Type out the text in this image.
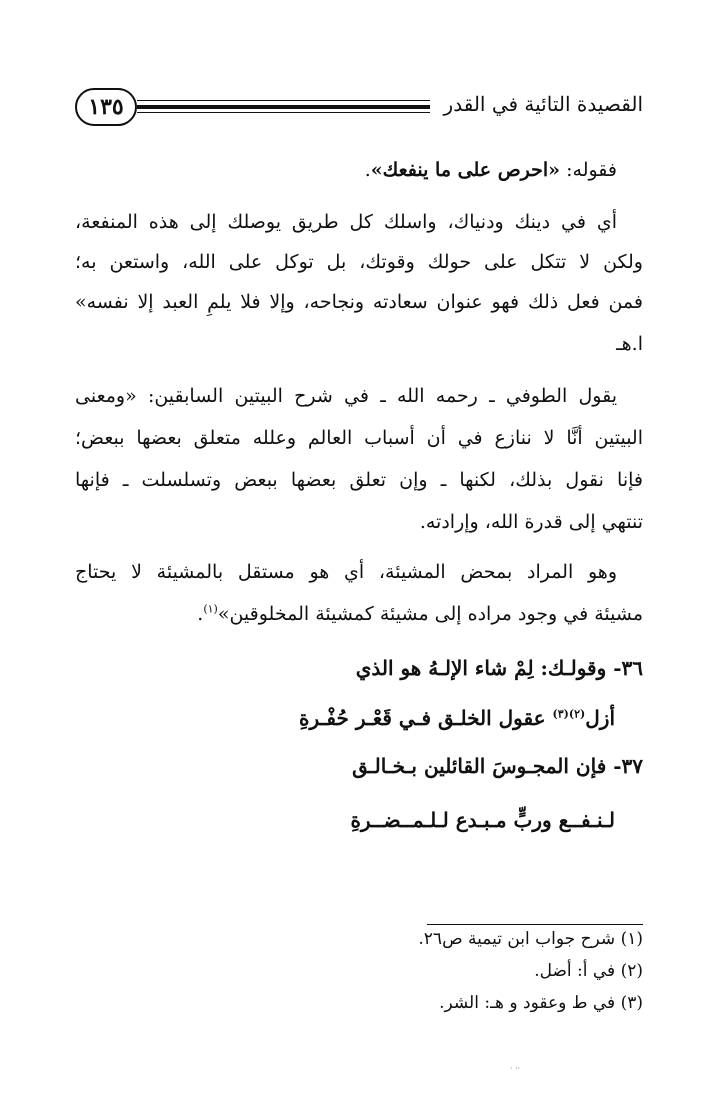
١٣٥	القصيدة التائية في القدر
فقوله: «احرص على ما ينفعك».
أي في دينك ودنياك، واسلك كل طريق يوصلك إلى هذه المنفعة،
ولكن لا تتكل على حولك وقوتك، بل توكل على الله، واستعن به؛
فمن فعل ذلك فهو عنوان سعادته ونجاحه، وإلا فلا يلمِ العبد إلا نفسه»
ا.هـ
يقول الطوفي ـ رحمه الله ـ في شرح البيتين السابقين: «ومعنى
البيتين أنَّا لا ننازع في أن أسباب العالم وعلله متعلق بعضها ببعض؛
فإنا نقول بذلك، لكنها ـ وإن تعلق بعضها ببعض وتسلسلت ـ فإنها
تنتهي إلى قدرة الله، وإرادته.
وهو المراد بمحض المشيئة، أي هو مستقل بالمشيئة لا يحتاج
مشيئة في وجود مراده إلى مشيئة كمشيئة المخلوقين»$^{(١)}$.
٣٦- وقولـك: لِمْ شاء الإلـهُ هو الذي
أزل$^{(٢)(٣)}$ عقول الخلـق فـي قَعْـر حُفْـرةِ
٣٧- فإن المجـوسَ القائلين بـخـالـق
لـنـفــع وربٍّ مـبـدع لـلـمــضــرةِ
(١) شرح جواب ابن تيمية ص٢٦.
(٢) في أ: أضل.
(٣) في ط وعقود و هـ: الشر.
·· ·
